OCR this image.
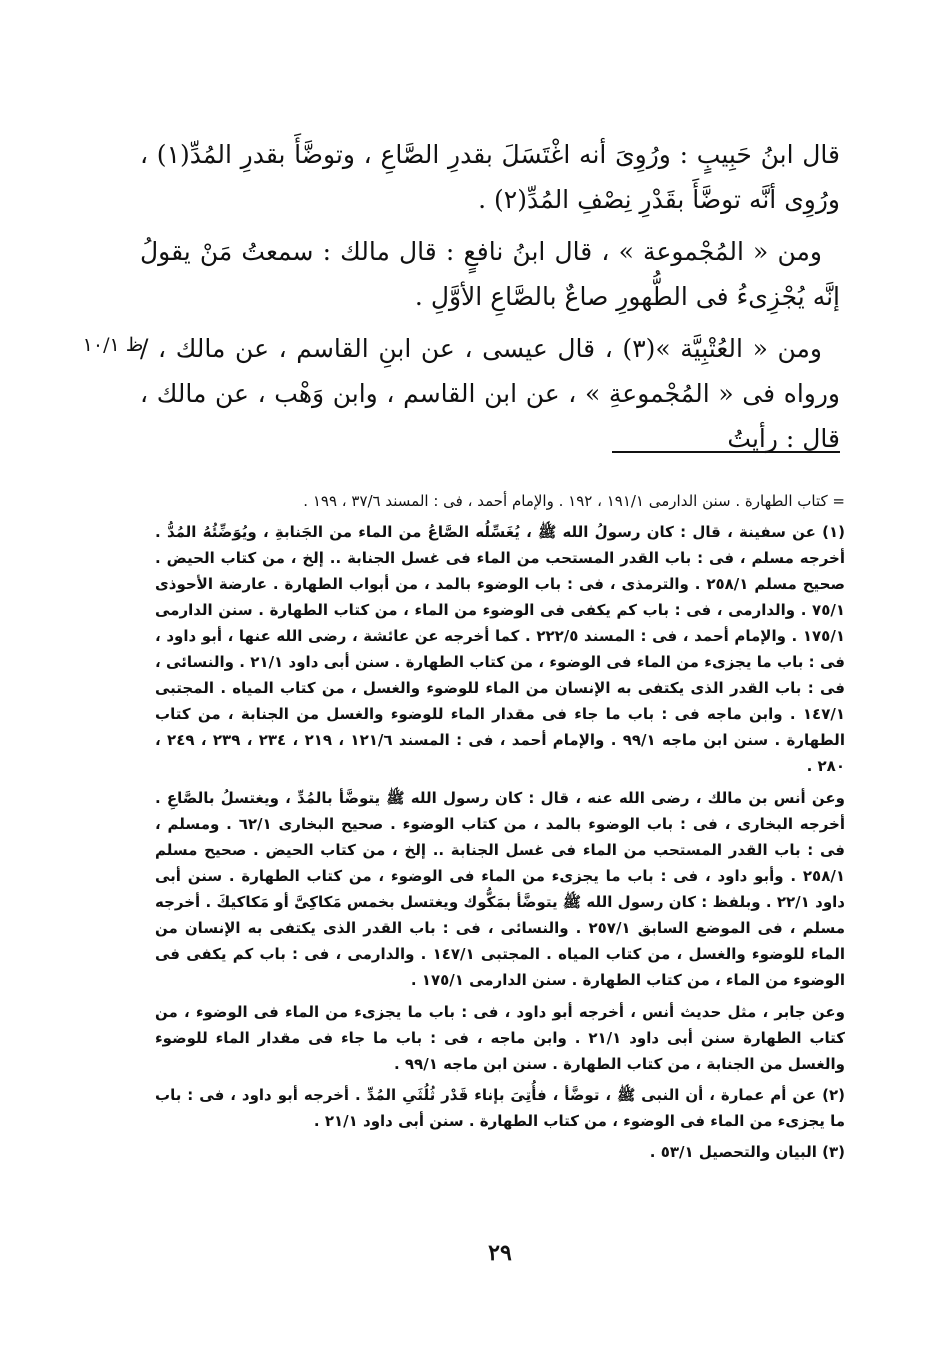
قال ابنُ حَبِيبٍ : ورُوِىَ أنه اغْتَسَلَ بقدرِ الصَّاعِ ، وتوضَّأَ بقدرِ المُدِّ(١) ، ورُوِى أنَّه توضَّأَ بقَدْرِ نِصْفِ المُدِّ(٢) .

ومن « المُجْموعة » ، قال ابنُ نافعٍ : قال مالك : سمعتُ مَنْ يقولُ إنَّه يُجْزِىءُ فى الطُّهورِ صاعٌ بالصَّاعِ الأوَّلِ .

ومن « العُتْبِيَّة »(٣) ، قال عيسى ، عن ابنِ القاسم ، عن مالك ، /ورواه فى « المُجْموعةِ » ، عن ابن القاسم ، وابن وَهْب ، عن مالك ، قال : رأيتُ

ظ ١٠/١

= كتاب الطهارة . سنن الدارمى ١٩١/١ ، ١٩٢ . والإمام أحمد ، فى : المسند ٣٧/٦ ، ١٩٩ .

(١) عن سفينة ، قال : كان رسولُ الله ﷺ ، يُغَسِّلُه الصَّاعُ من الماء من الجَنابةِ ، ويُوَضِّئُهُ المُدُّ . أخرجه مسلم ، فى : باب القدر المستحب من الماء فى غسل الجنابة .. إلخ ، من كتاب الحيض . صحيح مسلم ٢٥٨/١ . والترمذى ، فى : باب الوضوء بالمد ، من أبواب الطهارة . عارضة الأحوذى ٧٥/١ . والدارمى ، فى : باب كم يكفى فى الوضوء من الماء ، من كتاب الطهارة . سنن الدارمى ١٧٥/١ . والإمام أحمد ، فى : المسند ٢٢٢/٥ . كما أخرجه عن عائشة ، رضى الله عنها ، أبو داود ، فى : باب ما يجزىء من الماء فى الوضوء ، من كتاب الطهارة . سنن أبى داود ٢١/١ . والنسائى ، فى : باب القدر الذى يكتفى به الإنسان من الماء للوضوء والغسل ، من كتاب المياه . المجتبى ١٤٧/١ . وابن ماجه فى : باب ما جاء فى مقدار الماء للوضوء والغسل من الجنابة ، من كتاب الطهارة . سنن ابن ماجه ٩٩/١ . والإمام أحمد ، فى : المسند ١٢١/٦ ، ٢١٩ ، ٢٣٤ ، ٢٣٩ ، ٢٤٩ ، ٢٨٠ .

وعن أنس بن مالك ، رضى الله عنه ، قال : كان رسول الله ﷺ يتوضَّأ بالمُدِّ ، ويغتسلُ بالصَّاعِ . أخرجه البخارى ، فى : باب الوضوء بالمد ، من كتاب الوضوء . صحيح البخارى ٦٢/١ . ومسلم ، فى : باب القدر المستحب من الماء فى غسل الجنابة .. إلخ ، من كتاب الحيض . صحيح مسلم ٢٥٨/١ . وأبو داود ، فى : باب ما يجزىء من الماء فى الوضوء ، من كتاب الطهارة . سنن أبى داود ٢٢/١ . وبلفظ : كان رسول الله ﷺ يتوضَّأ بمَكُّوك ويغتسل بخمس مَكاكِىَّ أو مَكاكيكَ . أخرجه مسلم ، فى الموضع السابق ٢٥٧/١ . والنسائى ، فى : باب القدر الذى يكتفى به الإنسان من الماء للوضوء والغسل ، من كتاب المياه . المجتبى ١٤٧/١ . والدارمى ، فى : باب كم يكفى فى الوضوء من الماء ، من كتاب الطهارة . سنن الدارمى ١٧٥/١ .

وعن جابر ، مثل حديث أنس ، أخرجه أبو داود ، فى : باب ما يجزىء من الماء فى الوضوء ، من كتاب الطهارة سنن أبى داود ٢١/١ . وابن ماجه ، فى : باب ما جاء فى مقدار الماء للوضوء والغسل من الجنابة ، من كتاب الطهارة . سنن ابن ماجه ٩٩/١ .

(٢) عن أم عمارة ، أن النبى ﷺ ، توضَّأ ، فأُتِىَ بإناء قَدْر ثُلُثَىِ المُدِّ . أخرجه أبو داود ، فى : باب ما يجزىء من الماء فى الوضوء ، من كتاب الطهارة . سنن أبى داود ٢١/١ .

(٣) البيان والتحصيل ٥٣/١ .

٢٩
